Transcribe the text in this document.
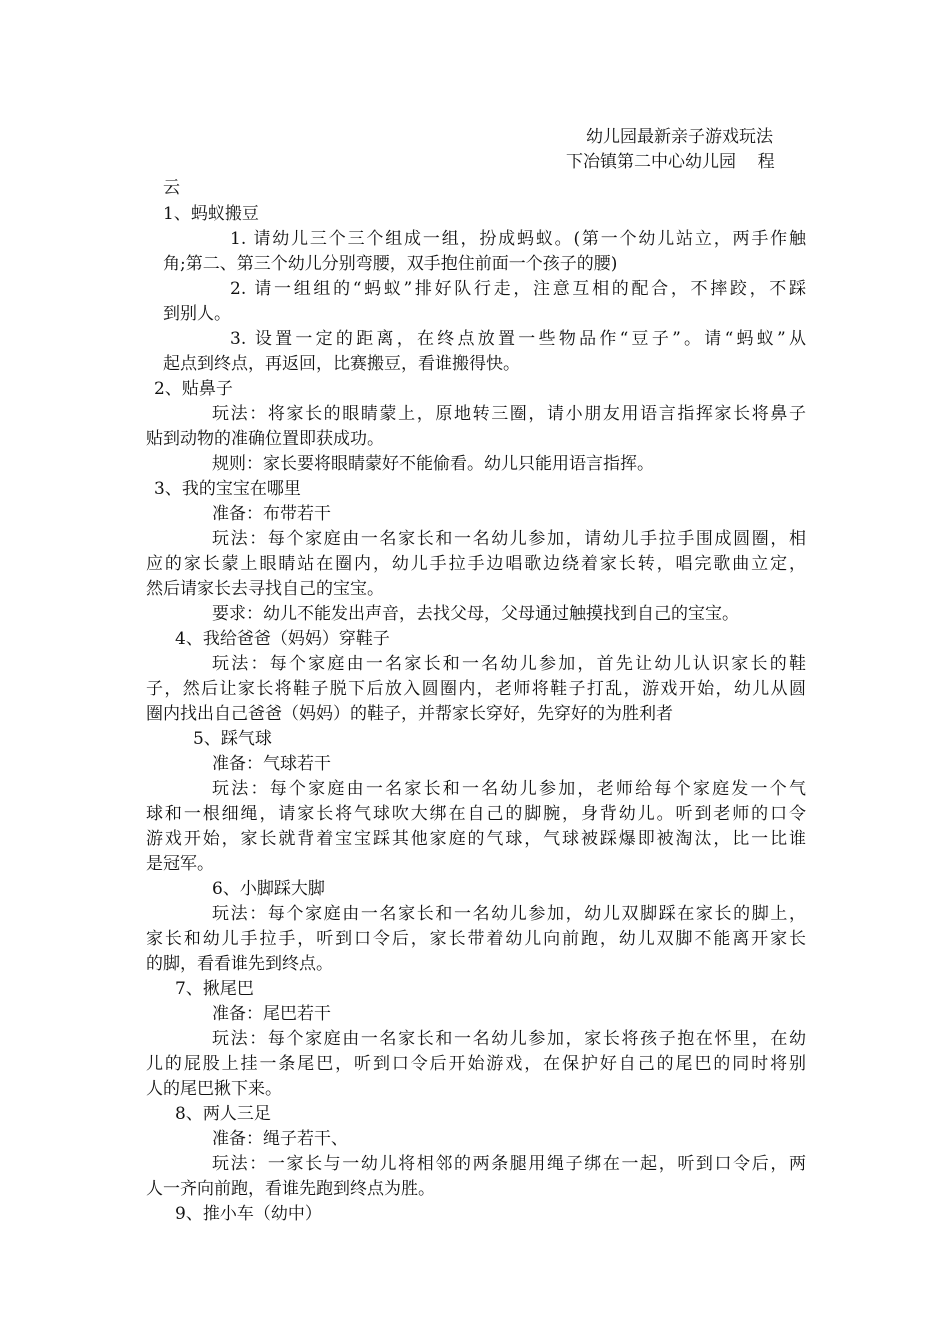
幼儿园最新亲子游戏玩法
下冶镇第二中心幼儿园    程
云
1、蚂蚁搬豆
1. 请幼儿三个三个组成一组，扮成蚂蚁。(第一个幼儿站立，两手作触
角;第二、第三个幼儿分别弯腰，双手抱住前面一个孩子的腰)
2. 请一组组的“蚂蚁”排好队行走，注意互相的配合，不摔跤，不踩
到别人。
3. 设置一定的距离，在终点放置一些物品作“豆子”。请“蚂蚁”从
起点到终点，再返回，比赛搬豆，看谁搬得快。
2、贴鼻子
玩法：将家长的眼睛蒙上，原地转三圈，请小朋友用语言指挥家长将鼻子
贴到动物的准确位置即获成功。
规则：家长要将眼睛蒙好不能偷看。幼儿只能用语言指挥。
3、我的宝宝在哪里
准备：布带若干
玩法：每个家庭由一名家长和一名幼儿参加，请幼儿手拉手围成圆圈，相
应的家长蒙上眼睛站在圈内，幼儿手拉手边唱歌边绕着家长转，唱完歌曲立定，
然后请家长去寻找自己的宝宝。
要求：幼儿不能发出声音，去找父母，父母通过触摸找到自己的宝宝。
4、我给爸爸（妈妈）穿鞋子
玩法：每个家庭由一名家长和一名幼儿参加，首先让幼儿认识家长的鞋
子，然后让家长将鞋子脱下后放入圆圈内，老师将鞋子打乱，游戏开始，幼儿从圆
圈内找出自己爸爸（妈妈）的鞋子，并帮家长穿好，先穿好的为胜利者
5、踩气球
准备：气球若干
玩法：每个家庭由一名家长和一名幼儿参加，老师给每个家庭发一个气
球和一根细绳，请家长将气球吹大绑在自己的脚腕，身背幼儿。听到老师的口令
游戏开始，家长就背着宝宝踩其他家庭的气球，气球被踩爆即被淘汰，比一比谁
是冠军。
6、小脚踩大脚
玩法：每个家庭由一名家长和一名幼儿参加，幼儿双脚踩在家长的脚上，
家长和幼儿手拉手，听到口令后，家长带着幼儿向前跑，幼儿双脚不能离开家长
的脚，看看谁先到终点。
7、揪尾巴
准备：尾巴若干
玩法：每个家庭由一名家长和一名幼儿参加，家长将孩子抱在怀里，在幼
儿的屁股上挂一条尾巴，听到口令后开始游戏，在保护好自己的尾巴的同时将别
人的尾巴揪下来。
8、两人三足
准备：绳子若干、
玩法：一家长与一幼儿将相邻的两条腿用绳子绑在一起，听到口令后，两
人一齐向前跑，看谁先跑到终点为胜。
9、推小车（幼中）
